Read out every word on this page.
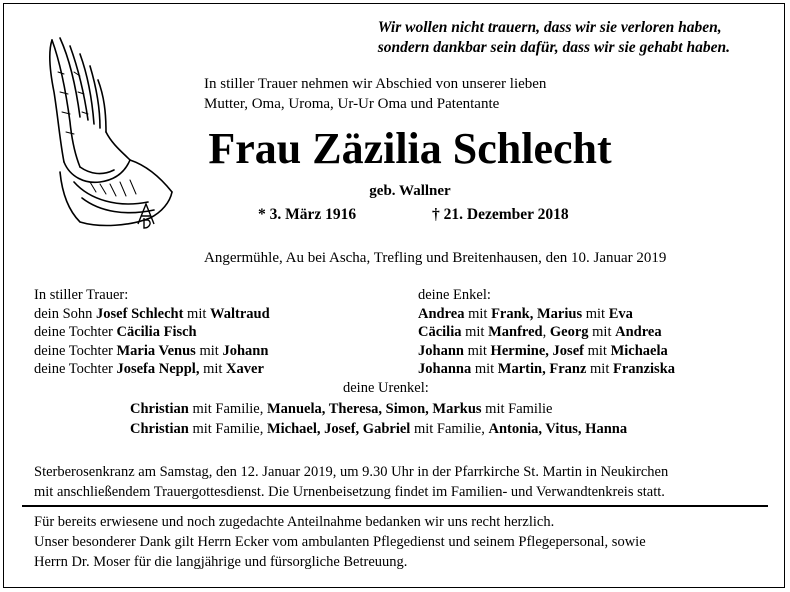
Wir wollen nicht trauern, dass wir sie verloren haben,
sondern dankbar sein dafür, dass wir sie gehabt haben.
In stiller Trauer nehmen wir Abschied von unserer lieben
Mutter, Oma, Uroma, Ur-Ur Oma und Patentante
Frau Zäzilia Schlecht
geb. Wallner
* 3. März 1916	† 21. Dezember 2018
Angermühle, Au bei Ascha, Trefling und Breitenhausen, den 10. Januar 2019
In stiller Trauer:
dein Sohn Josef Schlecht mit Waltraud
deine Tochter Cäcilia Fisch
deine Tochter Maria Venus mit Johann
deine Tochter Josefa Neppl, mit Xaver
deine Enkel:
Andrea mit Frank, Marius mit Eva
Cäcilia mit Manfred, Georg mit Andrea
Johann mit Hermine, Josef mit Michaela
Johanna mit Martin, Franz mit Franziska
deine Urenkel:
Christian mit Familie, Manuela, Theresa, Simon, Markus mit Familie
Christian mit Familie, Michael, Josef, Gabriel mit Familie, Antonia, Vitus, Hanna
Sterberosenkranz am Samstag, den 12. Januar 2019, um 9.30 Uhr in der Pfarrkirche St. Martin in Neukirchen
mit anschließendem Trauergottesdienst. Die Urnenbeisetzung findet im Familien- und Verwandtenkreis statt.
Für bereits erwiesene und noch zugedachte Anteilnahme bedanken wir uns recht herzlich.
Unser besonderer Dank gilt Herrn Ecker vom ambulanten Pflegedienst und seinem Pflegepersonal, sowie
Herrn Dr. Moser für die langjährige und fürsorgliche Betreuung.
